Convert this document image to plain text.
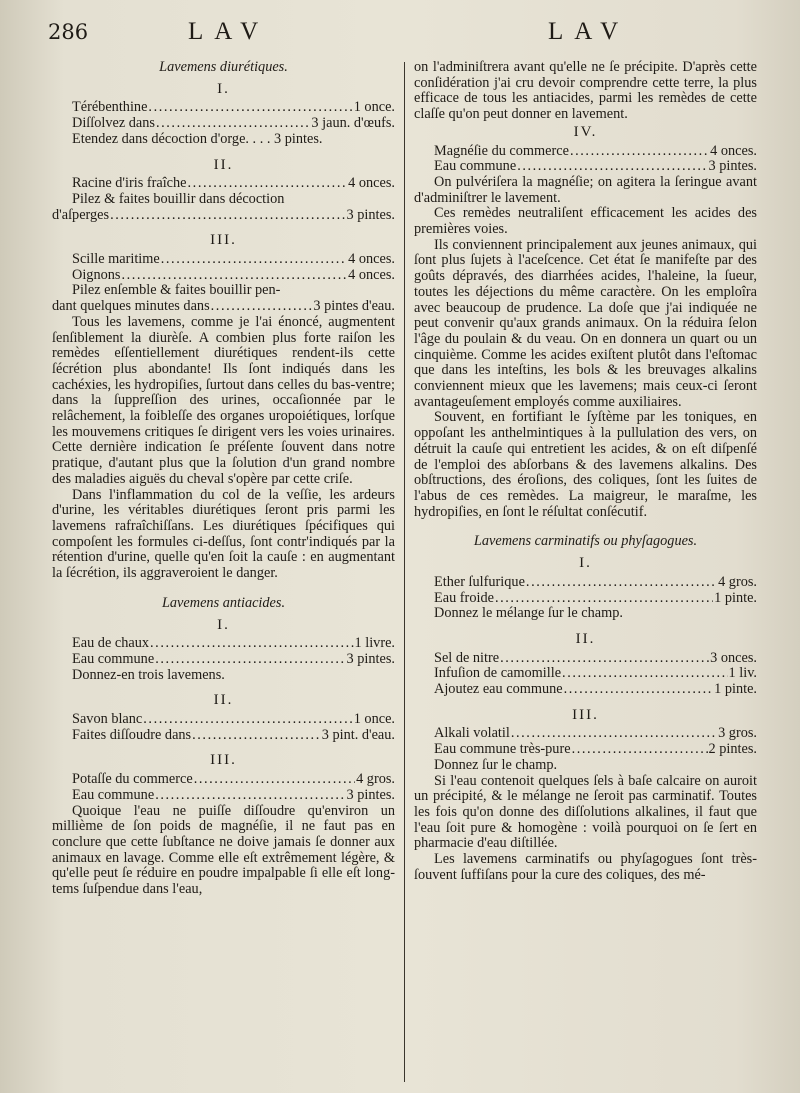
286	LAV	LAV
Lavemens diurétiques.
I.
Térébenthine . . .	1 once.
Diſſolvez dans . . .	3 jaun. d'œufs.
Etendez dans décoction d'orge. . . . 3 pintes.
II.
Racine d'iris fraîche . . .	4 onces.
Pilez & faites bouillir dans décoction
d'aſperges . . .	3 pintes.
III.
Scille maritime . . .	4 onces.
Oignons . . .	4 onces.
Pilez enſemble & faites bouillir pen-
dant quelques minutes dans . . .	3 pintes d'eau.

Tous les lavemens, comme je l'ai énoncé, augmentent ſenſiblement la diurèſe. A combien plus forte raiſon les remèdes eſſentiellement diurétiques rendent-ils cette ſécrétion plus abondante! Ils ſont indiqués dans les cachéxies, les hydropiſies, ſurtout dans celles du bas-ventre; dans la ſuppreſſion des urines, occaſionnée par le relâchement, la foibleſſe des organes uropoiétiques, lorſque les mouvemens critiques ſe dirigent vers les voies urinaires. Cette dernière indication ſe préſente ſouvent dans notre pratique, d'autant plus que la ſolution d'un grand nombre des maladies aiguës du cheval s'opère par cette criſe.

Dans l'inflammation du col de la veſſie, les ardeurs d'urine, les véritables diurétiques ſeront pris parmi les lavemens rafraîchiſſans. Les diurétiques ſpécifiques qui compoſent les formules ci-deſſus, ſont contr'indiqués par la rétention d'urine, quelle qu'en ſoit la cauſe : en augmentant la ſécrétion, ils aggraveroient le danger.

Lavemens antiacides.
I.
Eau de chaux . . .	1 livre.
Eau commune . . .	3 pintes.
Donnez-en trois lavemens.
II.
Savon blanc . . .	1 once.
Faites diſſoudre dans . . .	3 pint. d'eau.
III.
Potaſſe du commerce . . .	4 gros.
Eau commune . . .	3 pintes.

Quoique l'eau ne puiſſe diſſoudre qu'environ un millième de ſon poids de magnéſie, il ne faut pas en conclure que cette ſubſtance ne doive jamais ſe donner aux animaux en lavage. Comme elle eſt extrêmement légère, & qu'elle peut ſe réduire en poudre impalpable ſi elle eſt long-tems ſuſpendue dans l'eau,

on l'adminiſtrera avant qu'elle ne ſe précipite. D'après cette conſidération j'ai cru devoir comprendre cette terre, la plus efficace de tous les antiacides, parmi les remèdes de cette claſſe qu'on peut donner en lavement.

IV.
Magnéſie du commerce . . .	4 onces.
Eau commune . . .	3 pintes.

On pulvériſera la magnéſie; on agitera la ſeringue avant d'adminiſtrer le lavement.

Ces remèdes neutraliſent efficacement les acides des premières voies.

Ils conviennent principalement aux jeunes animaux, qui ſont plus ſujets à l'aceſcence. Cet état ſe manifeſte par des goûts dépravés, des diarrhées acides, l'haleine, la ſueur, toutes les déjections du même caractère. On les emploîra avec beaucoup de prudence. La doſe que j'ai indiquée ne peut convenir qu'aux grands animaux. On la réduira ſelon l'âge du poulain & du veau. On en donnera un quart ou un cinquième. Comme les acides exiſtent plutôt dans l'eſtomac que dans les inteſtins, les bols & les breuvages alkalins conviennent mieux que les lavemens; mais ceux-ci ſeront avantageuſement employés comme auxiliaires.

Souvent, en fortifiant le ſyſtème par les toniques, en oppoſant les anthelmintiques à la pullulation des vers, on détruit la cauſe qui entretient les acides, & on eſt diſpenſé de l'emploi des abſorbans & des lavemens alkalins. Des obſtructions, des éroſions, des coliques, ſont les ſuites de l'abus de ces remèdes. La maigreur, le maraſme, les hydropiſies, en ſont le réſultat conſécutif.

Lavemens carminatifs ou phyſagogues.
I.
Ether ſulfurique . . .	4 gros.
Eau froide . . .	1 pinte.
Donnez le mélange ſur le champ.
II.
Sel de nitre . . .	3 onces.
Infuſion de camomille . . .	1 liv.
Ajoutez eau commune . . .	1 pinte.
III.
Alkali volatil . . .	3 gros.
Eau commune très-pure . . .	2 pintes.
Donnez ſur le champ.

Si l'eau contenoit quelques ſels à baſe calcaire on auroit un précipité, & le mélange ne ſeroit pas carminatif. Toutes les fois qu'on donne des diſſolutions alkalines, il faut que l'eau ſoit pure & homogène : voilà pourquoi on ſe ſert en pharmacie d'eau diſtillée.

Les lavemens carminatifs ou phyſagogues ſont très-ſouvent ſuffiſans pour la cure des coliques, des mé-
